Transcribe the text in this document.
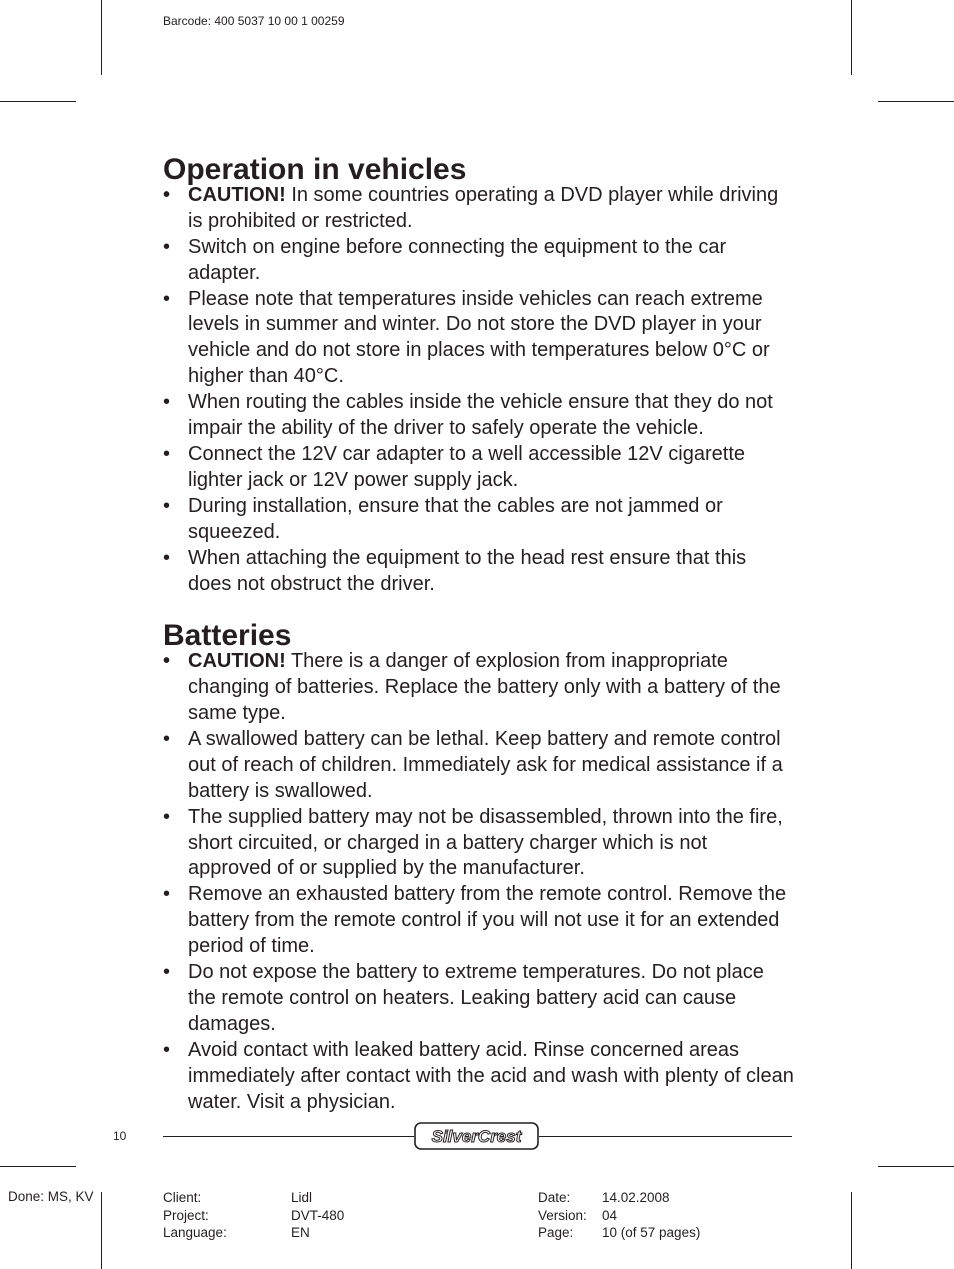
Barcode: 400 5037 10 00 1 00259
Operation in vehicles
• CAUTION! In some countries operating a DVD player while driving is prohibited or restricted.
• Switch on engine before connecting the equipment to the car adapter.
• Please note that temperatures inside vehicles can reach extreme levels in summer and winter. Do not store the DVD player in your vehicle and do not store in places with temperatures below 0°C or higher than 40°C.
• When routing the cables inside the vehicle ensure that they do not impair the ability of the driver to safely operate the vehicle.
• Connect the 12V car adapter to a well accessible 12V cigarette lighter jack or 12V power supply jack.
• During installation, ensure that the cables are not jammed or squeezed.
• When attaching the equipment to the head rest ensure that this does not obstruct the driver.
Batteries
• CAUTION! There is a danger of explosion from inappropriate changing of batteries. Replace the battery only with a battery of the same type.
• A swallowed battery can be lethal. Keep battery and remote control out of reach of children. Immediately ask for medical assistance if a battery is swallowed.
• The supplied battery may not be disassembled, thrown into the fire, short circuited, or charged in a battery charger which is not approved of or supplied by the manufacturer.
• Remove an exhausted battery from the remote control. Remove the battery from the remote control if you will not use it for an extended period of time.
• Do not expose the battery to extreme temperatures. Do not place the remote control on heaters. Leaking battery acid can cause damages.
• Avoid contact with leaked battery acid. Rinse concerned areas immediately after contact with the acid and wash with plenty of clean water. Visit a physician.
10	SilverCrest
Done: MS, KV	Client:
Project:
Language:
Lidl
DVT-480
EN
Date:
Version:
Page:
14.02.2008
04
10 (of 57 pages)
